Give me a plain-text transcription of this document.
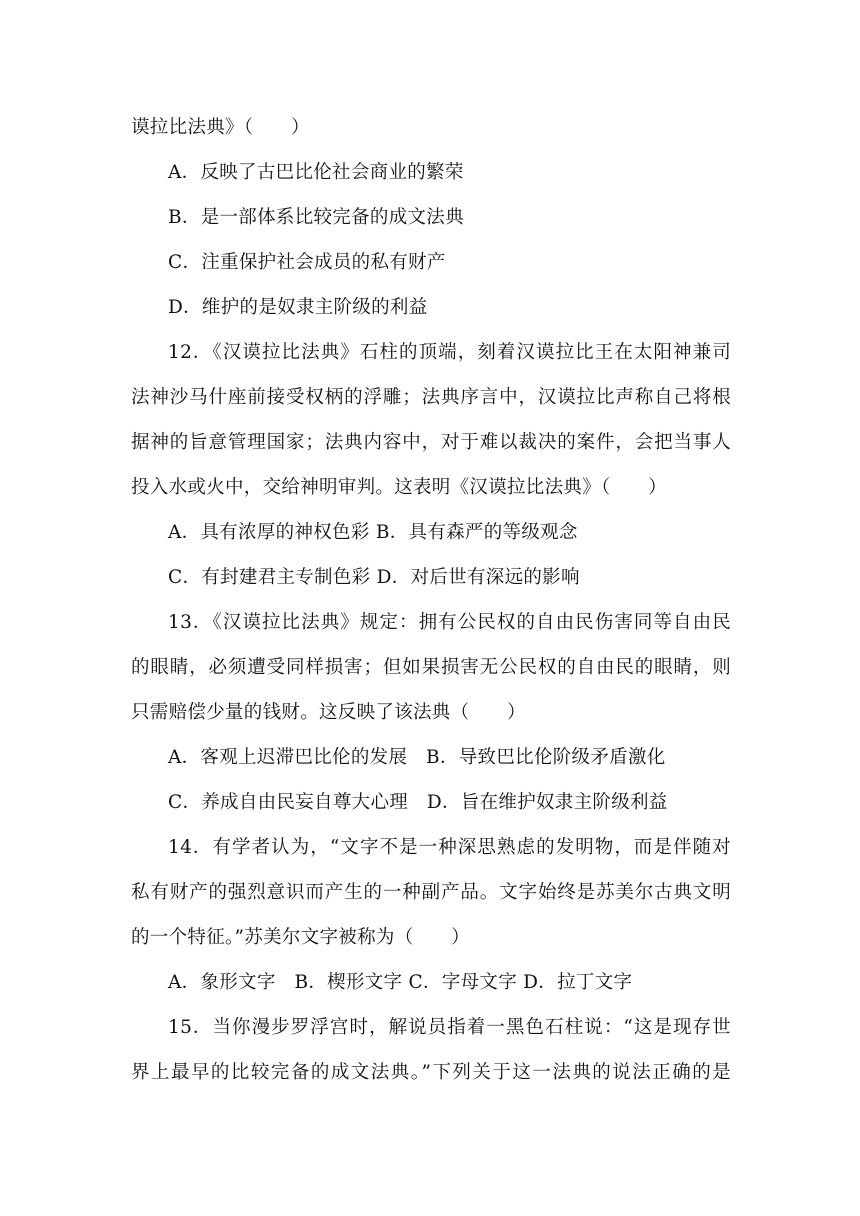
谟拉比法典》（　　）
A．反映了古巴比伦社会商业的繁荣
B．是一部体系比较完备的成文法典
C．注重保护社会成员的私有财产
D．维护的是奴隶主阶级的利益
12．《汉谟拉比法典》石柱的顶端，刻着汉谟拉比王在太阳神兼司
法神沙马什座前接受权柄的浮雕；法典序言中，汉谟拉比声称自己将根
据神的旨意管理国家；法典内容中，对于难以裁决的案件，会把当事人
投入水或火中，交给神明审判。这表明《汉谟拉比法典》（　　）
A．具有浓厚的神权色彩 B．具有森严的等级观念
C．有封建君主专制色彩 D．对后世有深远的影响
13．《汉谟拉比法典》规定：拥有公民权的自由民伤害同等自由民
的眼睛，必须遭受同样损害；但如果损害无公民权的自由民的眼睛，则
只需赔偿少量的钱财。这反映了该法典（　　）
A．客观上迟滞巴比伦的发展　B．导致巴比伦阶级矛盾激化
C．养成自由民妄自尊大心理　D．旨在维护奴隶主阶级利益
14．有学者认为，“文字不是一种深思熟虑的发明物，而是伴随对
私有财产的强烈意识而产生的一种副产品。文字始终是苏美尔古典文明
的一个特征。”苏美尔文字被称为（　　）
A．象形文字　B．楔形文字 C．字母文字 D．拉丁文字
15．当你漫步罗浮宫时，解说员指着一黑色石柱说：“这是现存世
界上最早的比较完备的成文法典。”下列关于这一法典的说法正确的是
